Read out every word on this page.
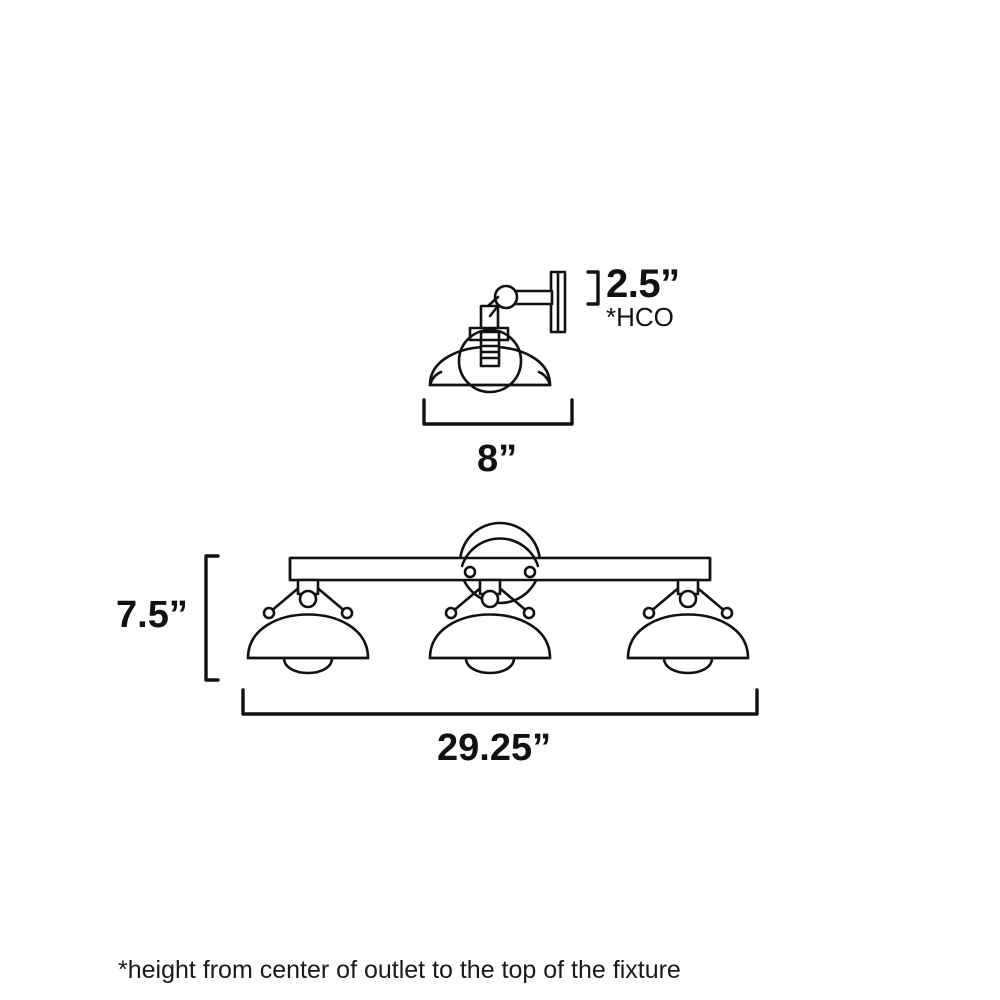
2.5”
*HCO
8”
7.5”
29.25”
*height from center of outlet to the top of the fixture
